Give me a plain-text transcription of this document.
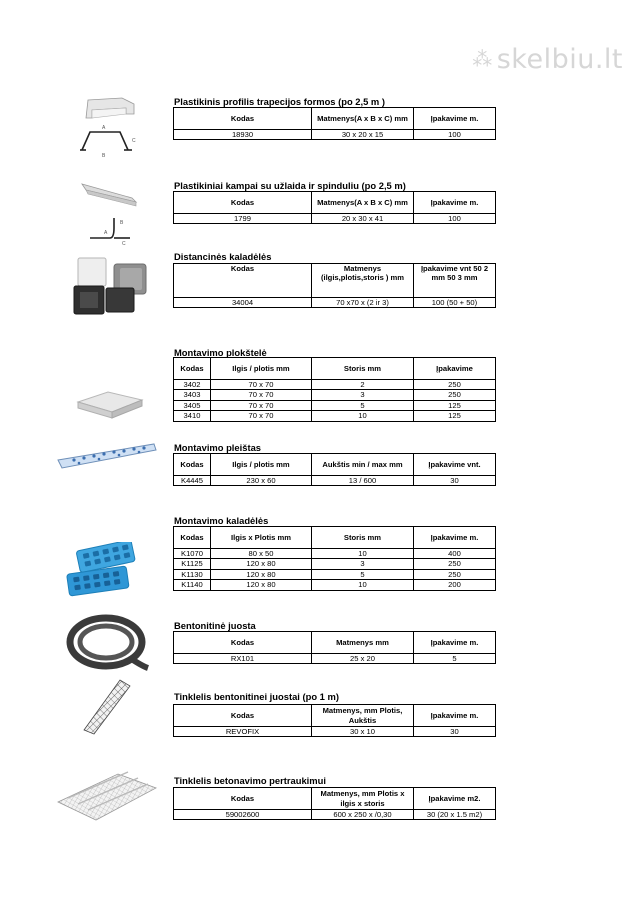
⁂ skelbiu.lt
Plastikinis profilis trapecijos formos (po 2,5 m )
Kodas	Matmenys(A x B x C) mm	Įpakavime m.
18930	30 x 20 x 15	100
A
C
B
Plastikiniai kampai su užlaida ir spinduliu (po 2,5 m)
Kodas	Matmenys(A x B x C) mm	Įpakavime m.
1799	20 x 30 x 41	100
A
B
C
Distancinės kaladėlės
Kodas	Matmenys (ilgis,plotis,storis ) mm	Įpakavime vnt 50 2 mm 50 3 mm
34004	70 x70 x (2 ir 3)	100 (50 + 50)
Montavimo plokštelė
Kodas	Ilgis / plotis mm	Storis mm	Įpakavime
3402	70 x 70	2	250
3403	70 x 70	3	250
3405	70 x 70	5	125
3410	70 x 70	10	125
Montavimo pleištas
Kodas	Ilgis / plotis mm	Aukštis min / max mm	Įpakavime vnt.
K4445	230 x 60	13 / 600	30
Montavimo kaladėlės
Kodas	Ilgis x Plotis mm	Storis mm	Įpakavime m.
K1070	80 x 50	10	400
K1125	120 x 80	3	250
K1130	120 x 80	5	250
K1140	120 x 80	10	200
Bentonitinė juosta
Kodas	Matmenys mm	Įpakavime m.
RX101	25 x 20	5
Tinklelis bentonitinei juostai (po 1 m)
Kodas	Matmenys, mm Plotis, Aukštis	Įpakavime m.
REVOFIX	30 x 10	30
Tinklelis betonavimo pertraukimui
Kodas	Matmenys, mm Plotis x ilgis x storis	Įpakavime m2.
59002600	600 x 250 x /0,30	30 (20 x 1.5 m2)
